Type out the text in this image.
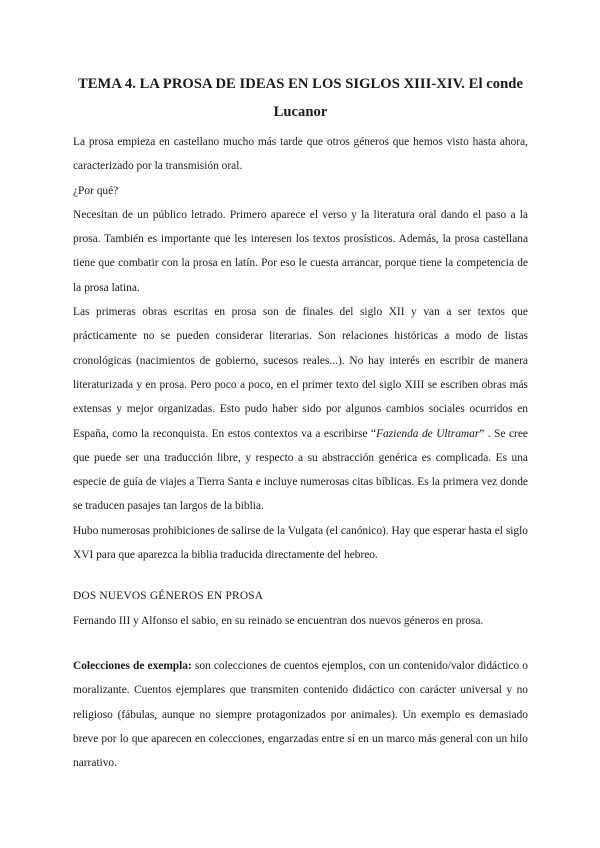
TEMA 4. LA PROSA DE IDEAS EN LOS SIGLOS XIII-XIV. El conde
Lucanor

La prosa empieza en castellano mucho más tarde que otros géneros que hemos visto hasta ahora, caracterizado por la transmisión oral.

¿Por qué?

Necesitan de un público letrado. Primero aparece el verso y la literatura oral dando el paso a la prosa. También es importante que les interesen los textos prosísticos. Además, la prosa castellana tiene que combatir con la prosa en latín. Por eso le cuesta arrancar, porque tiene la competencia de la prosa latina.

Las primeras obras escritas en prosa son de finales del siglo XII y van a ser textos que prácticamente no se pueden considerar literarias. Son relaciones históricas a modo de listas cronológicas (nacimientos de gobierno, sucesos reales...). No hay interés en escribir de manera literaturizada y en prosa. Pero poco a poco, en el primer texto del siglo XIII se escriben obras más extensas y mejor organizadas. Esto pudo haber sido por algunos cambios sociales ocurridos en España, como la reconquista. En estos contextos va a escribirse “Fazienda de Ultramar” . Se cree que puede ser una traducción libre, y respecto a su abstracción genérica es complicada. Es una especie de guía de viajes a Tierra Santa e incluye numerosas citas bíblicas. Es la primera vez donde se traducen pasajes tan largos de la biblia.

Hubo numerosas prohibiciones de salirse de la Vulgata (el canónico). Hay que esperar hasta el siglo XVI para que aparezca la biblia traducida directamente del hebreo.

DOS NUEVOS GÉNEROS EN PROSA

Fernando III y Alfonso el sabio, en su reinado se encuentran dos nuevos géneros en prosa.

Colecciones de exempla: son colecciones de cuentos ejemplos, con un contenido/valor didáctico o moralizante. Cuentos ejemplares que transmiten contenido didáctico con carácter universal y no religioso (fábulas, aunque no siempre protagonizados por animales). Un exemplo es demasiado breve por lo que aparecen en colecciones, engarzadas entre sí en un marco más general con un hilo narrativo.
